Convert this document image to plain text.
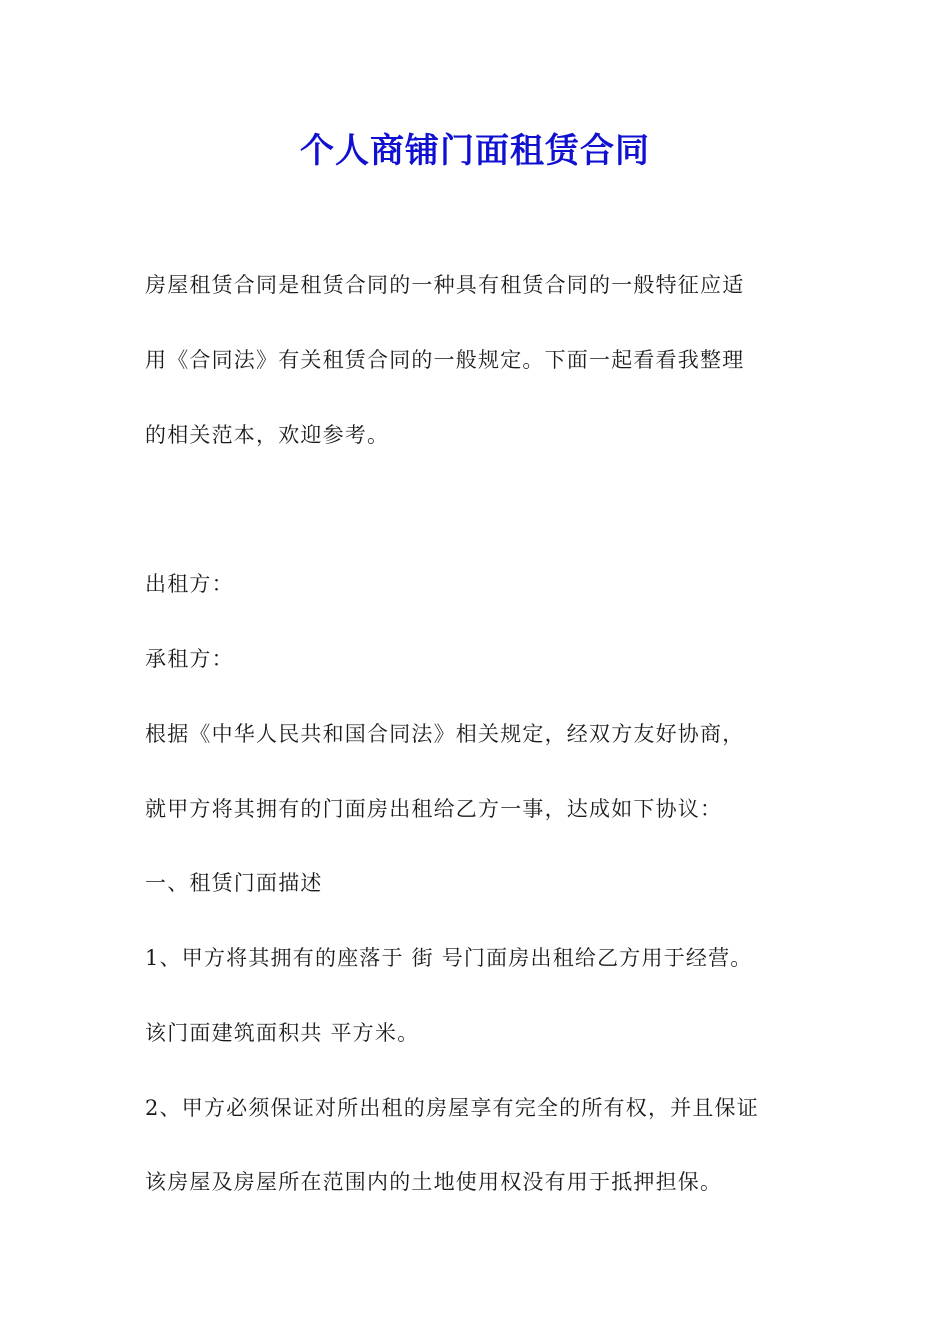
个人商铺门面租赁合同
房屋租赁合同是租赁合同的一种具有租赁合同的一般特征应适
用《合同法》有关租赁合同的一般规定。下面一起看看我整理
的相关范本，欢迎参考。
出租方：
承租方：
根据《中华人民共和国合同法》相关规定，经双方友好协商，
就甲方将其拥有的门面房出租给乙方一事，达成如下协议：
一、租赁门面描述
1、甲方将其拥有的座落于 街 号门面房出租给乙方用于经营。
该门面建筑面积共 平方米。
2、甲方必须保证对所出租的房屋享有完全的所有权，并且保证
该房屋及房屋所在范围内的土地使用权没有用于抵押担保。
